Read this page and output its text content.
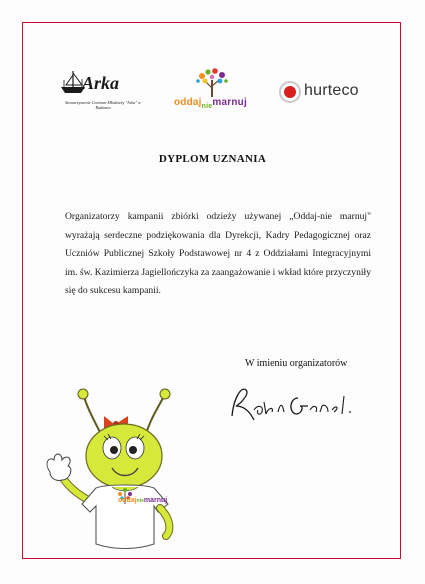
Arka
Stowarzyszenie Centrum Młodzieży "Arka" w Radomiu	oddaj$_{nie}$marnuj
hurteco
DYPLOM UZNANIA

Organizatorzy kampanii zbiórki odzieży używanej „Oddaj-nie marnuj" wyrażają serdeczne podziękowania dla Dyrekcji, Kadry Pedagogicznej oraz Uczniów Publicznej Szkoły Podstawowej nr 4 z Oddziałami Integracyjnymi im. św. Kazimierza Jagiellończyka za zaangażowanie i wkład które przyczyniły się do sukcesu kampanii.

W imieniu organizatorów
oddajniemarnuj
